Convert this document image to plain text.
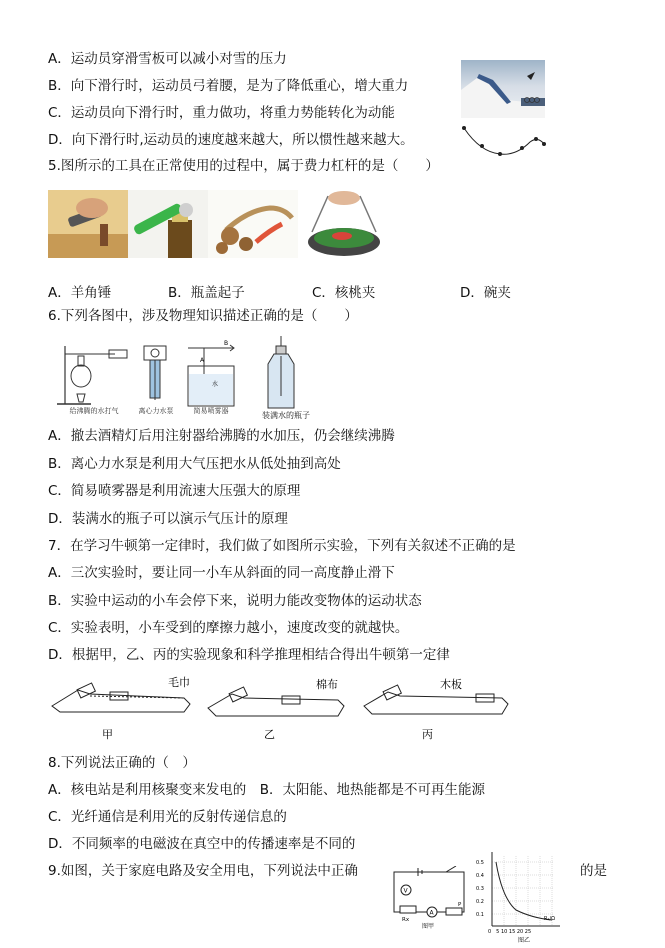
A．运动员穿滑雪板可以减小对雪的压力
B．向下滑行时，运动员弓着腰，是为了降低重心，增大重力
C．运动员向下滑行时，重力做功，将重力势能转化为动能
D．向下滑行时,运动员的速度越来越大，所以惯性越来越大。
5.图所示的工具在正常使用的过程中，属于费力杠杆的是（　　）
A．羊角锤	B．瓶盖起子	C．核桃夹	D．碗夹
6.下列各图中，涉及物理知识描述正确的是（　　）
给沸腾的水打气	离心力水泵
B
A
水
简易喷雾器	装满水的瓶子
A．撤去酒精灯后用注射器给沸腾的水加压，仍会继续沸腾
B．离心力水泵是利用大气压把水从低处抽到高处
C．简易喷雾器是利用流速大压强大的原理
D．装满水的瓶子可以演示气压计的原理
7．在学习牛顿第一定律时，我们做了如图所示实验，下列有关叙述不正确的是
A．三次实验时，要让同一小车从斜面的同一高度静止滑下
B．实验中运动的小车会停下来，说明力能改变物体的运动状态
C．实验表明，小车受到的摩擦力越小，速度改变的就越快。
D．根据甲，乙、丙的实验现象和科学推理相结合得出牛顿第一定律
毛巾
甲
棉布
乙
木板
丙
8.下列说法正确的（　）
A．核电站是利用核聚变来发电的　B．太阳能、地热能都是不可再生能源
C．光纤通信是利用光的反射传递信息的
D．不同频率的电磁波在真空中的传播速率是不同的
9.如图，关于家庭电路及安全用电，下列说法中正确	的是
V
Rx
A
P
图甲
0.5
0.4
0.3
0.2
0.1
0　5 10 15 20 25
R₂/Ω
图乙
